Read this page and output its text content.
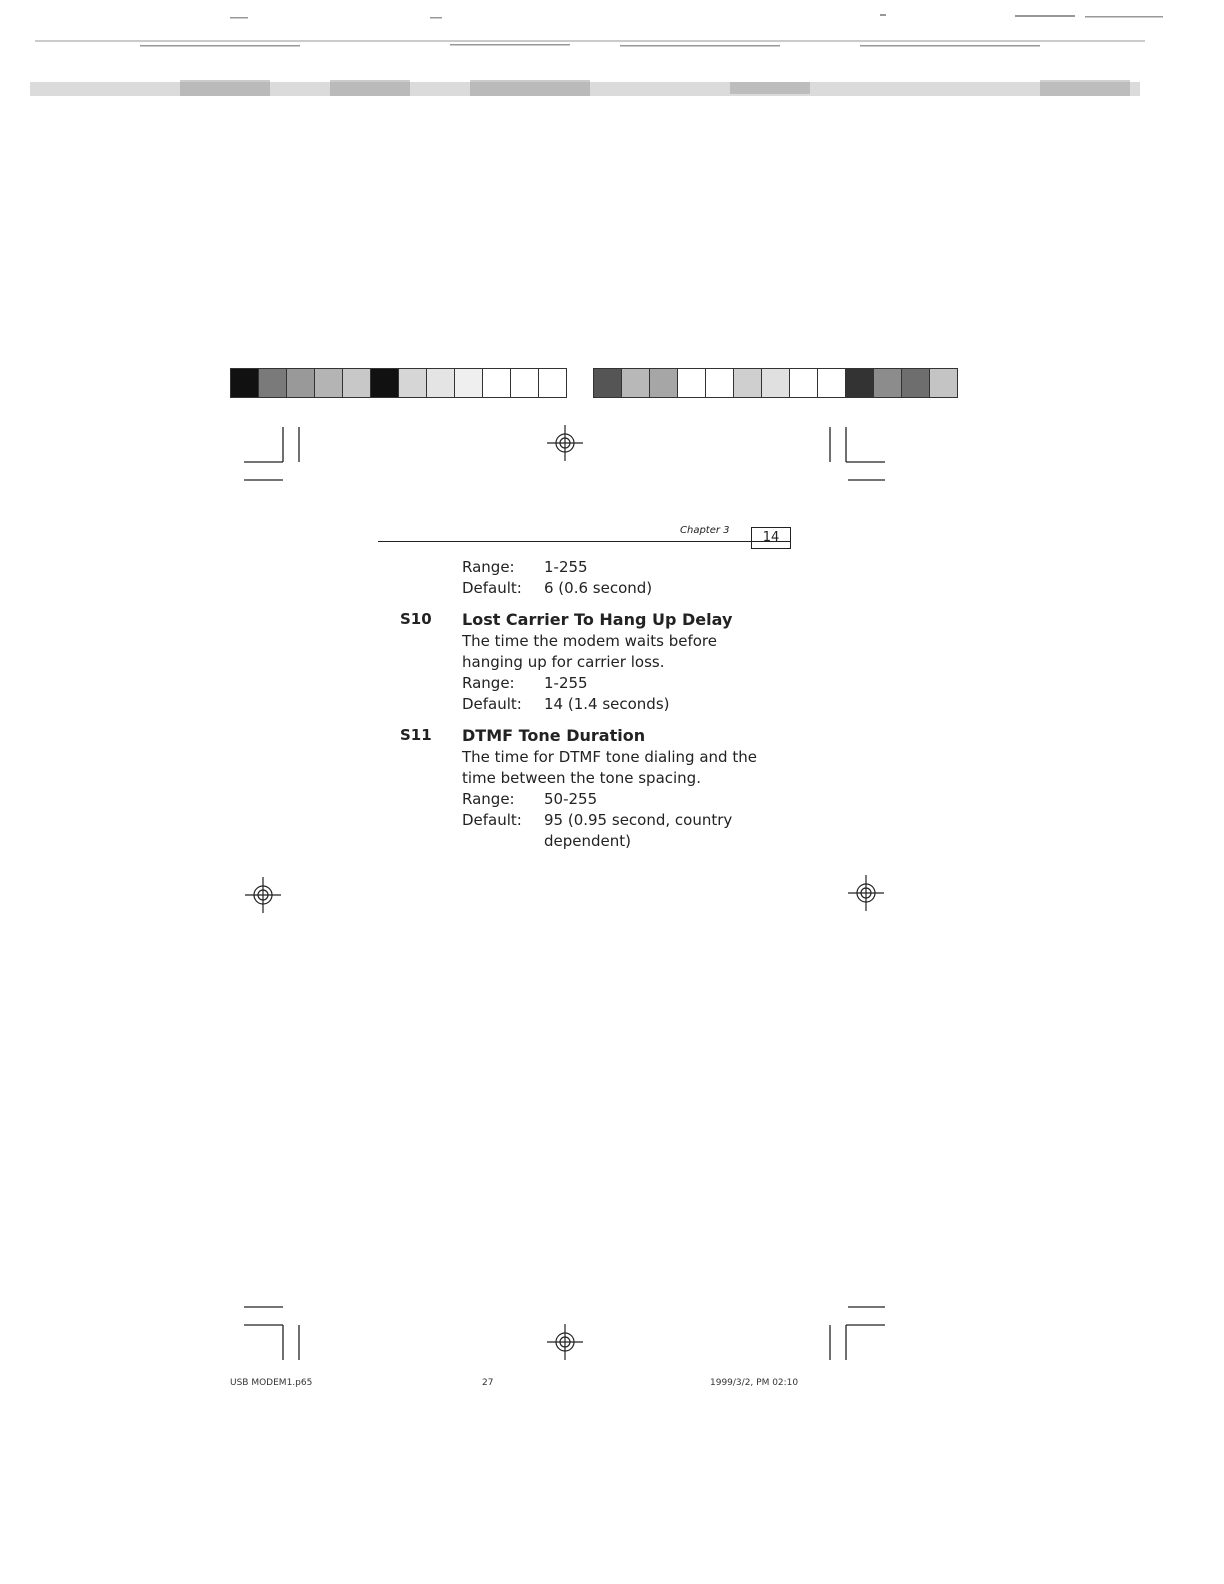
Chapter 3	14
Range:	1-255
Default:	6 (0.6 second)
S10	Lost Carrier To Hang Up Delay
The time the modem waits before hanging up for carrier loss.
Range:	1-255
Default:	14 (1.4 seconds)
S11	DTMF Tone Duration
The time for DTMF tone dialing and the time between the tone spacing.
Range:	50-255
Default:	95 (0.95 second, country dependent)
USB MODEM1.p65	27	1999/3/2, PM 02:10
